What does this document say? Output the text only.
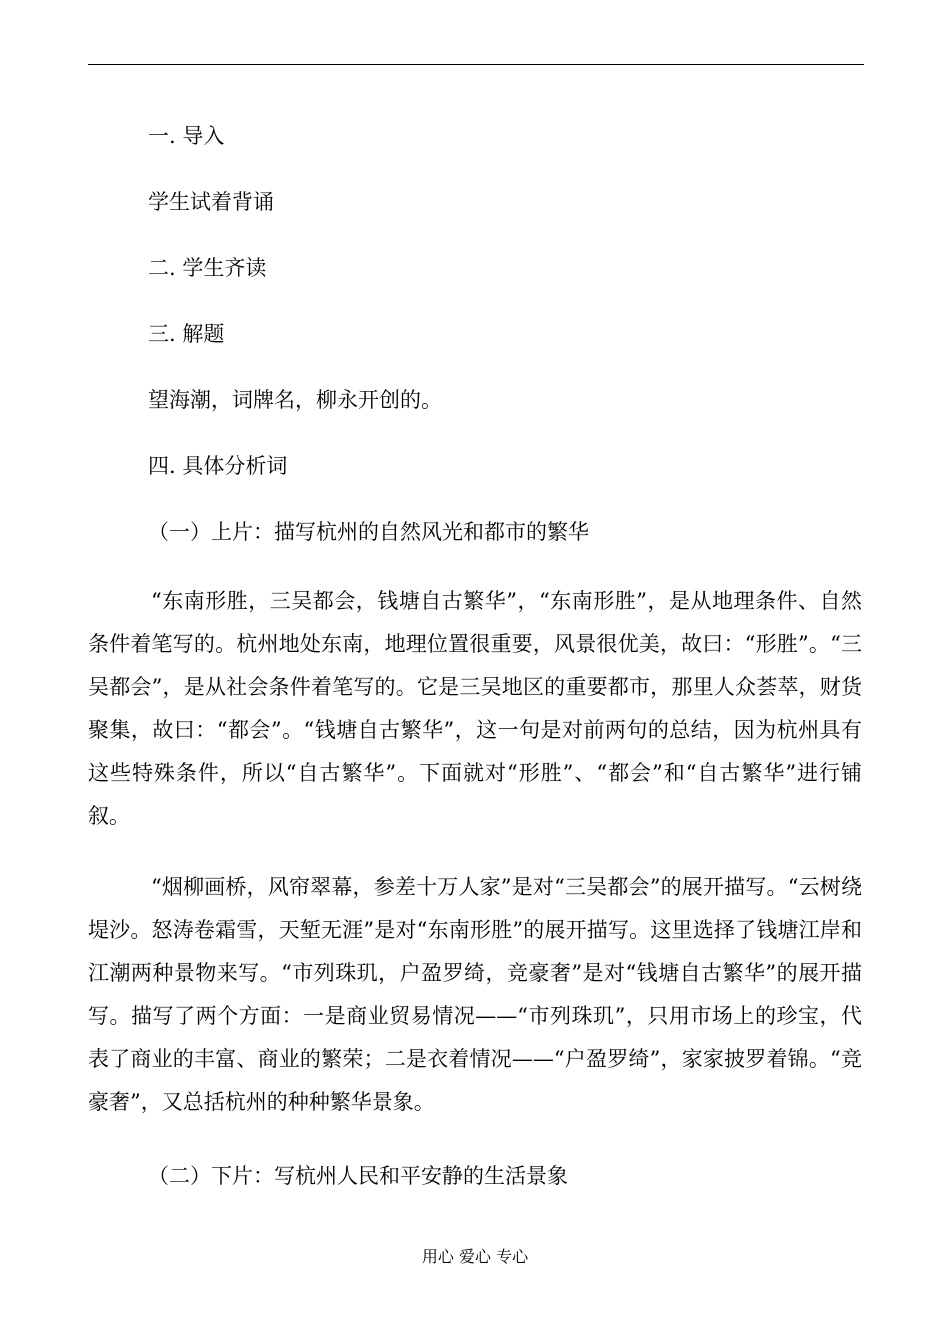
一. 导入
学生试着背诵
二. 学生齐读
三. 解题
望海潮，词牌名，柳永开创的。
四. 具体分析词
（一）上片：描写杭州的自然风光和都市的繁华
“东南形胜，三吴都会，钱塘自古繁华”，“东南形胜”，是从地理条件、自然条件着笔写的。杭州地处东南，地理位置很重要，风景很优美，故曰：“形胜”。“三吴都会”，是从社会条件着笔写的。它是三吴地区的重要都市，那里人众荟萃，财货聚集，故曰：“都会”。“钱塘自古繁华”，这一句是对前两句的总结，因为杭州具有这些特殊条件，所以“自古繁华”。下面就对“形胜”、“都会”和“自古繁华”进行铺叙。
“烟柳画桥，风帘翠幕，参差十万人家”是对“三吴都会”的展开描写。“云树绕堤沙。怒涛卷霜雪，天堑无涯”是对“东南形胜”的展开描写。这里选择了钱塘江岸和江潮两种景物来写。“市列珠玑，户盈罗绮，竞豪奢”是对“钱塘自古繁华”的展开描写。描写了两个方面：一是商业贸易情况——“市列珠玑”，只用市场上的珍宝，代表了商业的丰富、商业的繁荣；二是衣着情况——“户盈罗绮”，家家披罗着锦。“竞豪奢”，又总括杭州的种种繁华景象。
（二）下片：写杭州人民和平安静的生活景象
用心 爱心 专心
